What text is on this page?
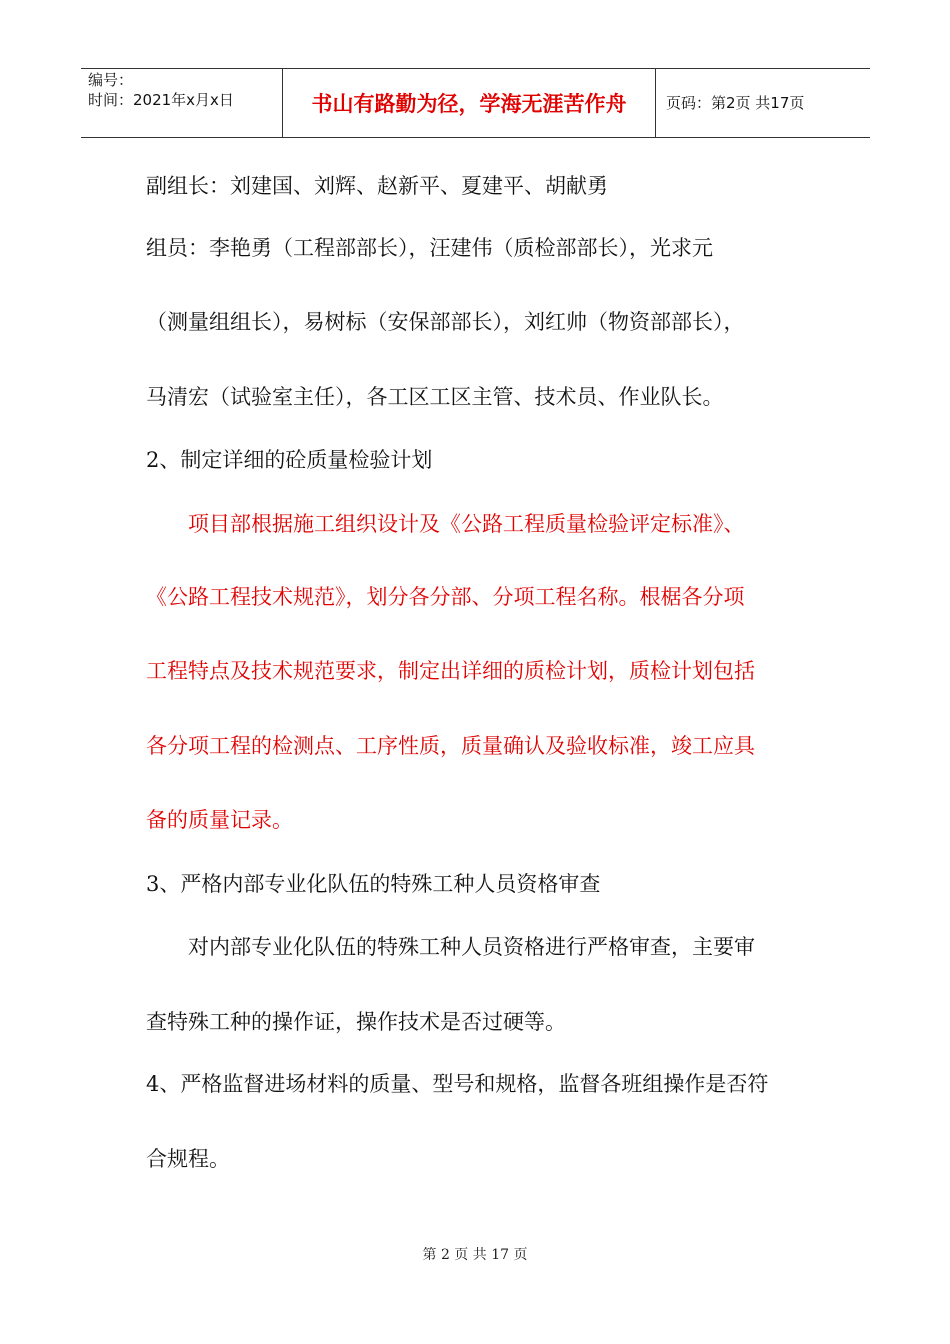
编号：
时间：2021年x月x日	书山有路勤为径，学海无涯苦作舟	页码：第2页 共17页
副组长：刘建国、刘辉、赵新平、夏建平、胡献勇
组员：李艳勇（工程部部长），汪建伟（质检部部长），光求元
（测量组组长），易树标（安保部部长），刘红帅（物资部部长），
马清宏（试验室主任），各工区工区主管、技术员、作业队长。
2、制定详细的砼质量检验计划
项目部根据施工组织设计及《公路工程质量检验评定标准》、
《公路工程技术规范》，划分各分部、分项工程名称。根椐各分项
工程特点及技术规范要求，制定出详细的质检计划，质检计划包括
各分项工程的检测点、工序性质，质量确认及验收标准，竣工应具
备的质量记录。
3、严格内部专业化队伍的特殊工种人员资格审查
对内部专业化队伍的特殊工种人员资格进行严格审查，主要审
查特殊工种的操作证，操作技术是否过硬等。
4、严格监督进场材料的质量、型号和规格，监督各班组操作是否符
合规程。
第 2 页 共 17 页
